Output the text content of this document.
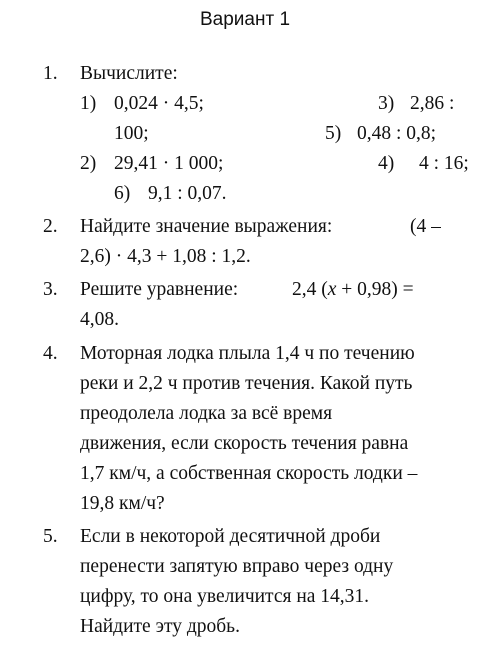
Вариант 1
1. Вычислите:
1) 0,024 · 4,5;	3) 2,86 :
100;	5) 0,48 : 0,8;
2) 29,41 · 1 000;	4) 4 : 16;
6) 9,1 : 0,07.
2. Найдите значение выражения:	(4 –
2,6) · 4,3 + 1,08 : 1,2.
3. Решите уравнение:	2,4 (x + 0,98) =
4,08.
4. Моторная лодка плыла 1,4 ч по течению
реки и 2,2 ч против течения. Какой путь
преодолела лодка за всё время
движения, если скорость течения равна
1,7 км/ч, а собственная скорость лодки –
19,8 км/ч?
5. Если в некоторой десятичной дроби
перенести запятую вправо через одну
цифру, то она увеличится на 14,31.
Найдите эту дробь.
